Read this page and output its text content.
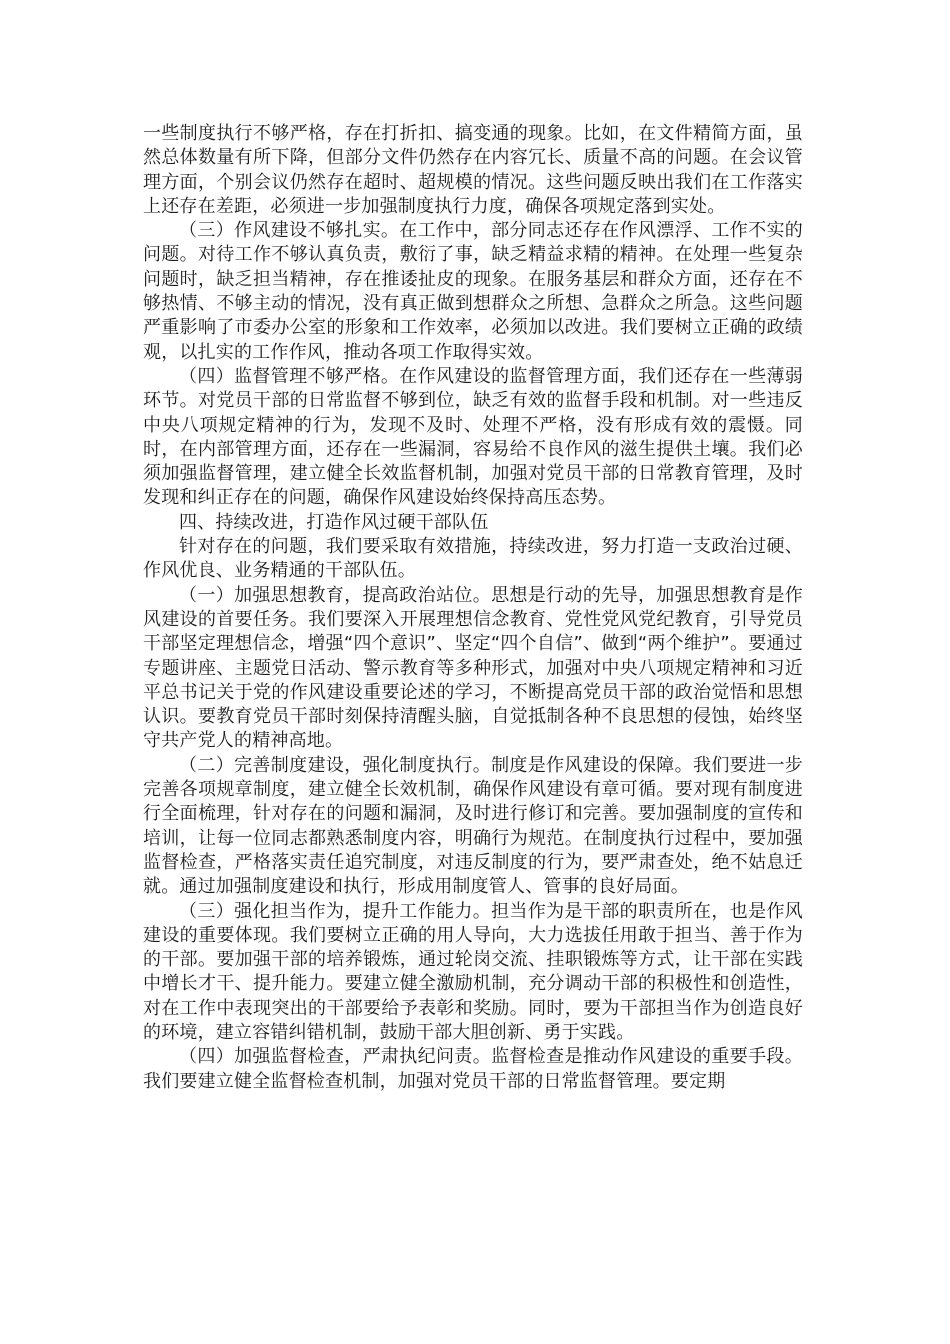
一些制度执行不够严格，存在打折扣、搞变通的现象。比如，在文件精简方面，虽然总体数量有所下降，但部分文件仍然存在内容冗长、质量不高的问题。在会议管理方面，个别会议仍然存在超时、超规模的情况。这些问题反映出我们在工作落实上还存在差距，必须进一步加强制度执行力度，确保各项规定落到实处。

（三）作风建设不够扎实。在工作中，部分同志还存在作风漂浮、工作不实的问题。对待工作不够认真负责，敷衍了事，缺乏精益求精的精神。在处理一些复杂问题时，缺乏担当精神，存在推诿扯皮的现象。在服务基层和群众方面，还存在不够热情、不够主动的情况，没有真正做到想群众之所想、急群众之所急。这些问题严重影响了市委办公室的形象和工作效率，必须加以改进。我们要树立正确的政绩观，以扎实的工作作风，推动各项工作取得实效。

（四）监督管理不够严格。在作风建设的监督管理方面，我们还存在一些薄弱环节。对党员干部的日常监督不够到位，缺乏有效的监督手段和机制。对一些违反中央八项规定精神的行为，发现不及时、处理不严格，没有形成有效的震慑。同时，在内部管理方面，还存在一些漏洞，容易给不良作风的滋生提供土壤。我们必须加强监督管理，建立健全长效监督机制，加强对党员干部的日常教育管理，及时发现和纠正存在的问题，确保作风建设始终保持高压态势。

四、持续改进，打造作风过硬干部队伍

针对存在的问题，我们要采取有效措施，持续改进，努力打造一支政治过硬、作风优良、业务精通的干部队伍。

（一）加强思想教育，提高政治站位。思想是行动的先导，加强思想教育是作风建设的首要任务。我们要深入开展理想信念教育、党性党风党纪教育，引导党员干部坚定理想信念，增强“四个意识”、坚定“四个自信”、做到“两个维护”。要通过专题讲座、主题党日活动、警示教育等多种形式，加强对中央八项规定精神和习近平总书记关于党的作风建设重要论述的学习，不断提高党员干部的政治觉悟和思想认识。要教育党员干部时刻保持清醒头脑，自觉抵制各种不良思想的侵蚀，始终坚守共产党人的精神高地。

（二）完善制度建设，强化制度执行。制度是作风建设的保障。我们要进一步完善各项规章制度，建立健全长效机制，确保作风建设有章可循。要对现有制度进行全面梳理，针对存在的问题和漏洞，及时进行修订和完善。要加强制度的宣传和培训，让每一位同志都熟悉制度内容，明确行为规范。在制度执行过程中，要加强监督检查，严格落实责任追究制度，对违反制度的行为，要严肃查处，绝不姑息迁就。通过加强制度建设和执行，形成用制度管人、管事的良好局面。

（三）强化担当作为，提升工作能力。担当作为是干部的职责所在，也是作风建设的重要体现。我们要树立正确的用人导向，大力选拔任用敢于担当、善于作为的干部。要加强干部的培养锻炼，通过轮岗交流、挂职锻炼等方式，让干部在实践中增长才干、提升能力。要建立健全激励机制，充分调动干部的积极性和创造性，对在工作中表现突出的干部要给予表彰和奖励。同时，要为干部担当作为创造良好的环境，建立容错纠错机制，鼓励干部大胆创新、勇于实践。

（四）加强监督检查，严肃执纪问责。监督检查是推动作风建设的重要手段。我们要建立健全监督检查机制，加强对党员干部的日常监督管理。要定期
